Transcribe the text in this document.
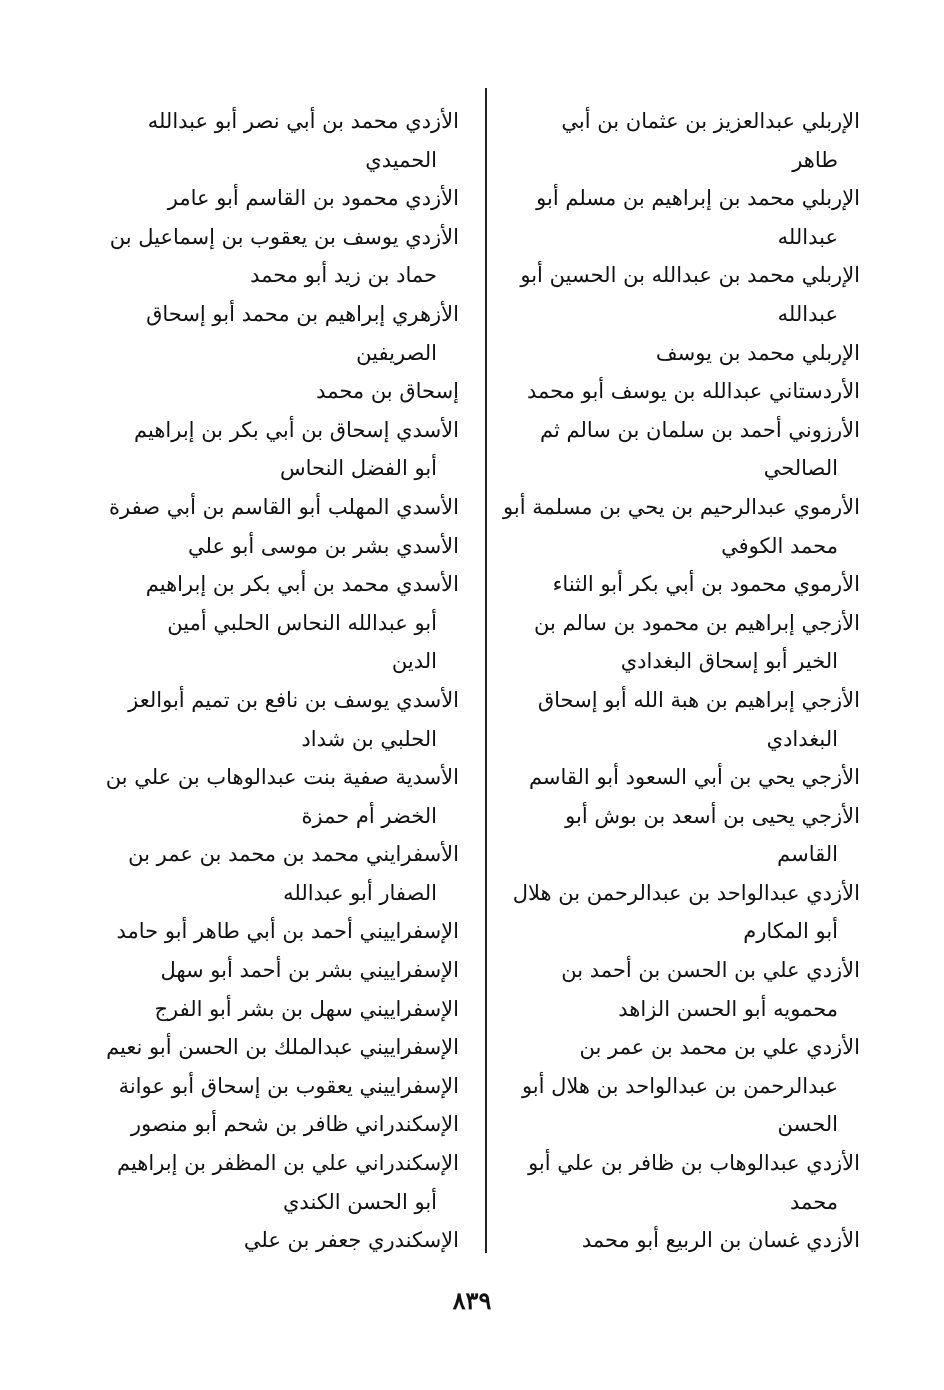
الإربلي عبدالعزيز بن عثمان بن أبي
طاهر
الإربلي محمد بن إبراهيم بن مسلم أبو
عبدالله
الإربلي محمد بن عبدالله بن الحسين أبو
عبدالله
الإربلي محمد بن يوسف
الأردستاني عبدالله بن يوسف أبو محمد
الأرزوني أحمد بن سلمان بن سالم ثم
الصالحي
الأرموي عبدالرحيم بن يحي بن مسلمة أبو
محمد الكوفي
الأرموي محمود بن أبي بكر أبو الثناء
الأزجي إبراهيم بن محمود بن سالم بن
الخير أبو إسحاق البغدادي
الأزجي إبراهيم بن هبة الله أبو إسحاق
البغدادي
الأزجي يحي بن أبي السعود أبو القاسم
الأزجي يحيى بن أسعد بن بوش أبو
القاسم
الأزدي عبدالواحد بن عبدالرحمن بن هلال
أبو المكارم
الأزدي علي بن الحسن بن أحمد بن
محمويه أبو الحسن الزاهد
الأزدي علي بن محمد بن عمر بن
عبدالرحمن بن عبدالواحد بن هلال أبو
الحسن
الأزدي عبدالوهاب بن ظافر بن علي أبو
محمد
الأزدي غسان بن الربيع أبو محمد
الأزدي محمد بن أبي نصر أبو عبدالله
الحميدي
الأزدي محمود بن القاسم أبو عامر
الأزدي يوسف بن يعقوب بن إسماعيل بن
حماد بن زيد أبو محمد
الأزهري إبراهيم بن محمد أبو إسحاق
الصريفين
إسحاق بن محمد
الأسدي إسحاق بن أبي بكر بن إبراهيم
أبو الفضل النحاس
الأسدي المهلب أبو القاسم بن أبي صفرة
الأسدي بشر بن موسى أبو علي
الأسدي محمد بن أبي بكر بن إبراهيم
أبو عبدالله النحاس الحلبي أمين
الدين
الأسدي يوسف بن نافع بن تميم أبوالعز
الحلبي بن شداد
الأسدية صفية بنت عبدالوهاب بن علي بن
الخضر أم حمزة
الأسفرايني محمد بن محمد بن عمر بن
الصفار أبو عبدالله
الإسفراييني أحمد بن أبي طاهر أبو حامد
الإسفراييني بشر بن أحمد أبو سهل
الإسفراييني سهل بن بشر أبو الفرج
الإسفراييني عبدالملك بن الحسن أبو نعيم
الإسفراييني يعقوب بن إسحاق أبو عوانة
الإسكندراني ظافر بن شحم أبو منصور
الإسكندراني علي بن المظفر بن إبراهيم
أبو الحسن الكندي
الإسكندري جعفر بن علي
٨٣٩
